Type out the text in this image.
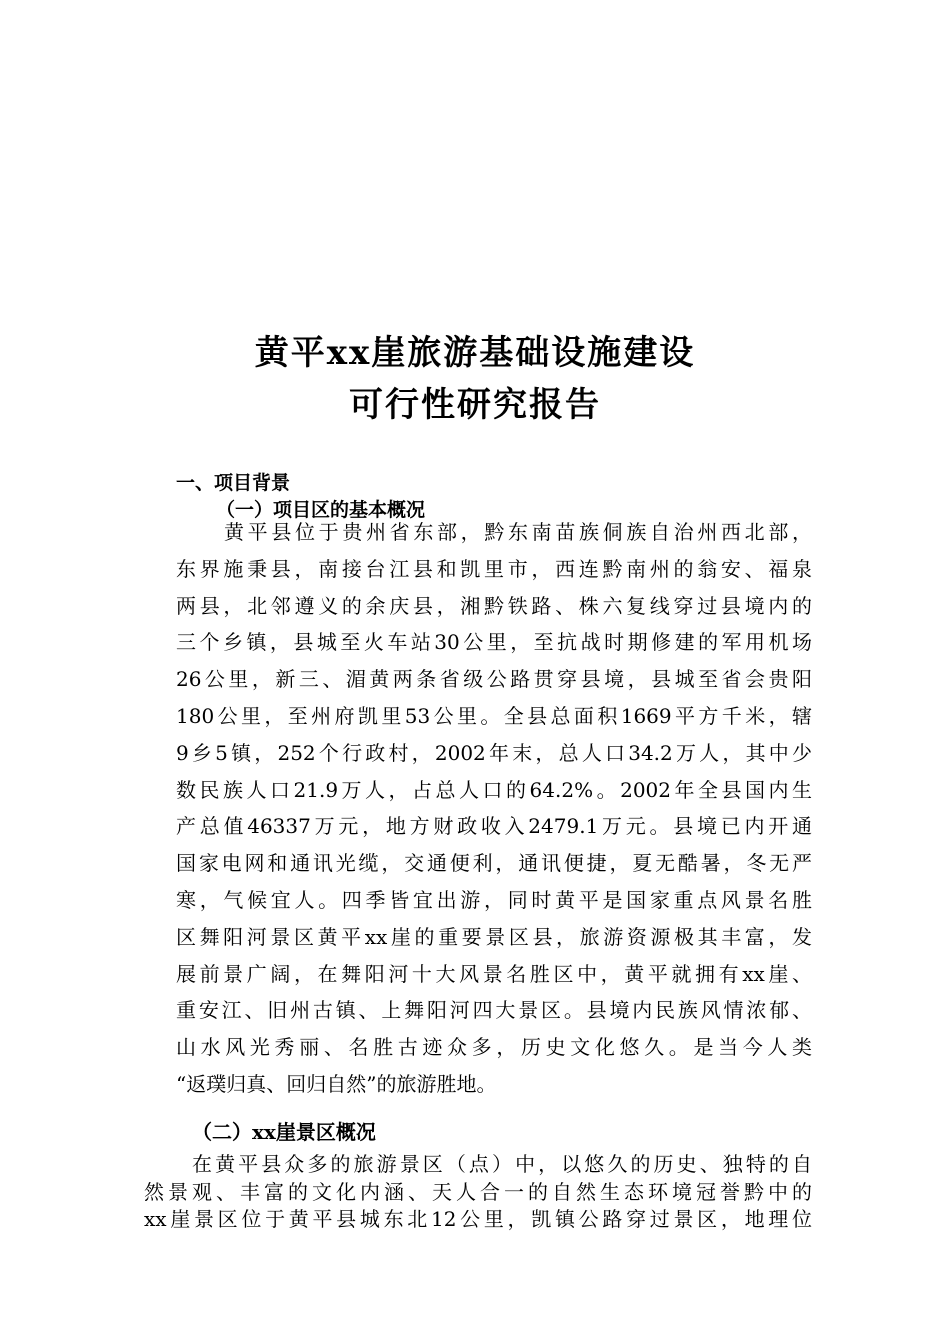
黄平xx崖旅游基础设施建设
可行性研究报告
一、项目背景
（一）项目区的基本概况
黄平县位于贵州省东部，黔东南苗族侗族自治州西北部，
东界施秉县，南接台江县和凯里市，西连黔南州的翁安、福泉
两县，北邻遵义的余庆县，湘黔铁路、株六复线穿过县境内的
三个乡镇，县城至火车站30公里，至抗战时期修建的军用机场
26公里，新三、湄黄两条省级公路贯穿县境，县城至省会贵阳
180公里，至州府凯里53公里。全县总面积1669平方千米，辖
9乡5镇，252个行政村，2002年末，总人口34.2万人，其中少
数民族人口21.9万人，占总人口的64.2%。2002年全县国内生
产总值46337万元，地方财政收入2479.1万元。县境已内开通
国家电网和通讯光缆，交通便利，通讯便捷，夏无酷暑，冬无严
寒，气候宜人。四季皆宜出游，同时黄平是国家重点风景名胜
区舞阳河景区黄平xx崖的重要景区县，旅游资源极其丰富，发
展前景广阔，在舞阳河十大风景名胜区中，黄平就拥有xx崖、
重安江、旧州古镇、上舞阳河四大景区。县境内民族风情浓郁、
山水风光秀丽、名胜古迹众多，历史文化悠久。是当今人类
“返璞归真、回归自然”的旅游胜地。
（二）xx崖景区概况
在黄平县众多的旅游景区（点）中，以悠久的历史、独特的自
然景观、丰富的文化内涵、天人合一的自然生态环境冠誉黔中的
xx崖景区位于黄平县城东北12公里，凯镇公路穿过景区，地理位
